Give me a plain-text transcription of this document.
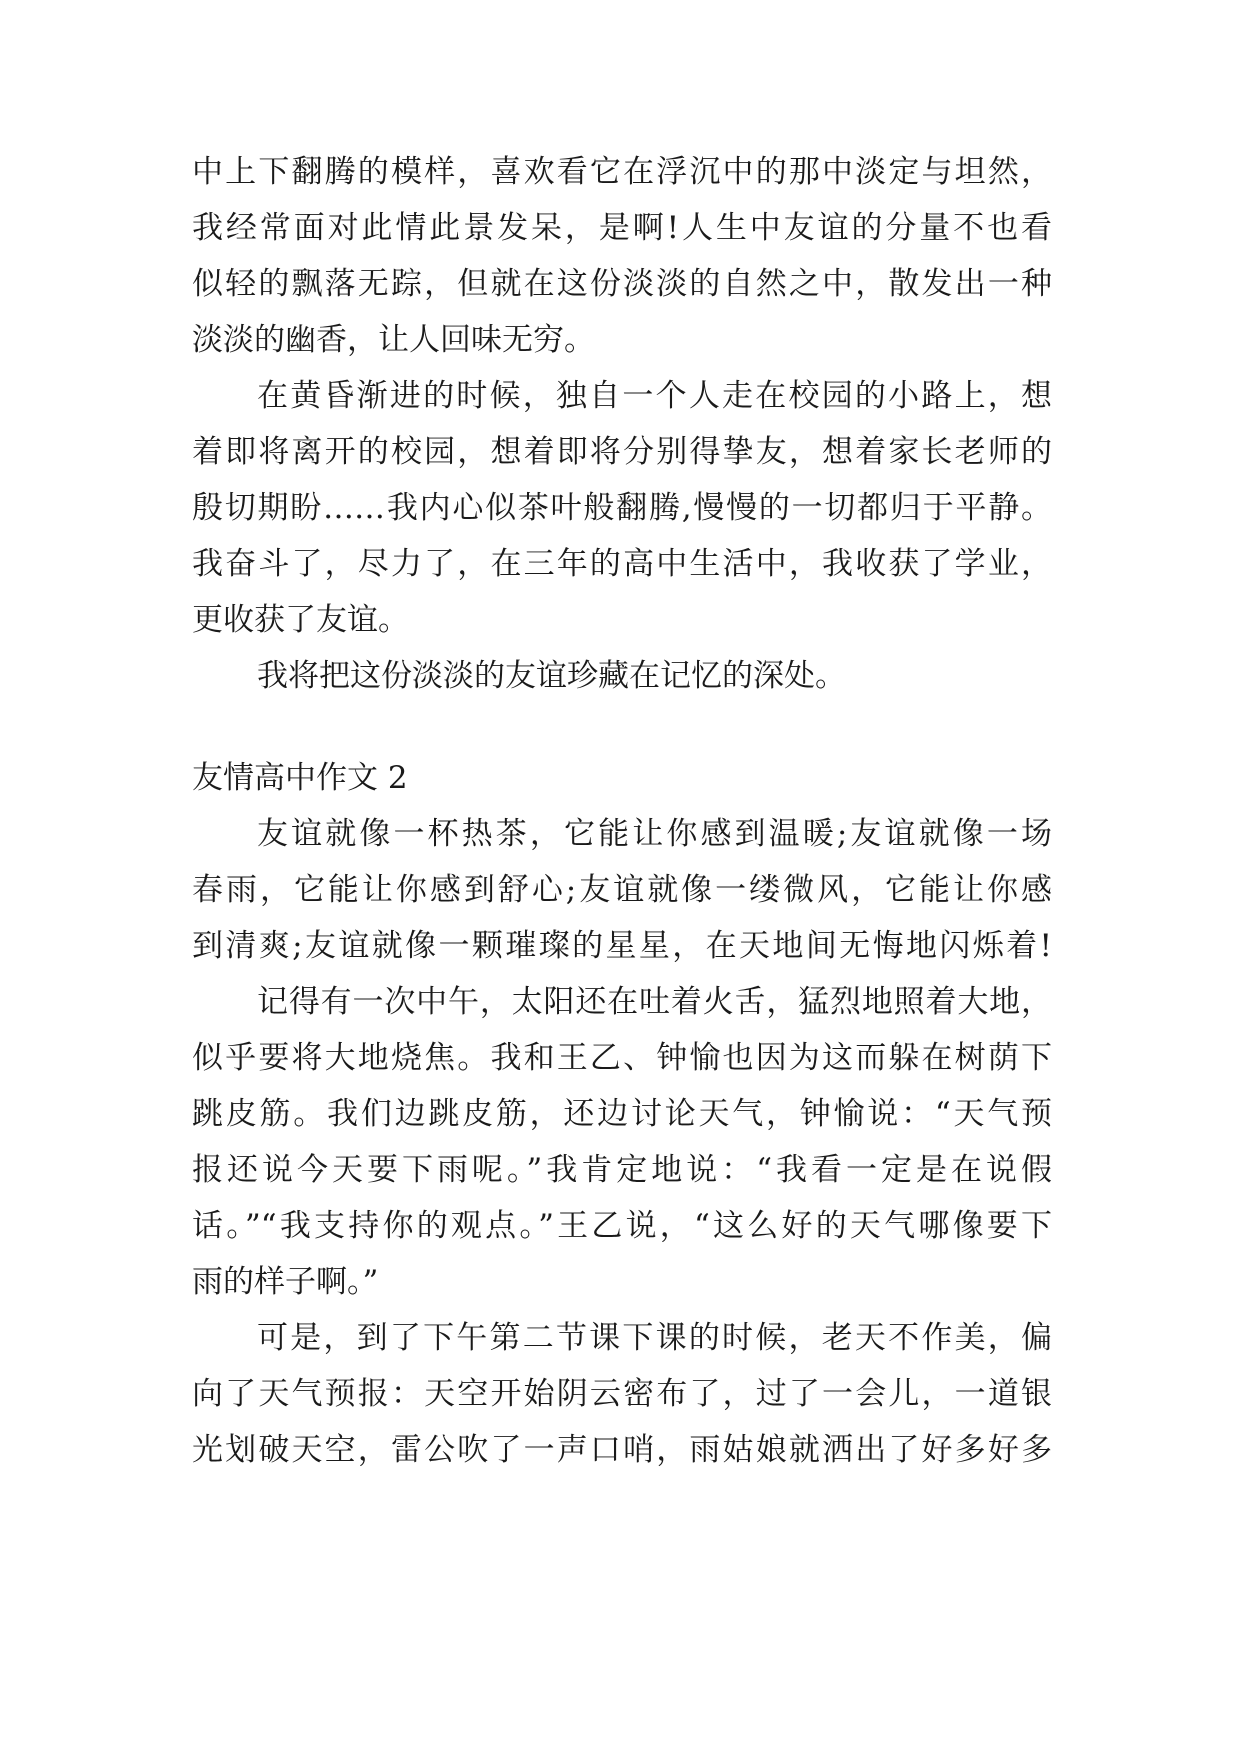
中上下翻腾的模样，喜欢看它在浮沉中的那中淡定与坦然，
我经常面对此情此景发呆，是啊!人生中友谊的分量不也看
似轻的飘落无踪，但就在这份淡淡的自然之中，散发出一种
淡淡的幽香，让人回味无穷。
在黄昏渐进的时候，独自一个人走在校园的小路上，想
着即将离开的校园，想着即将分别得挚友，想着家长老师的
殷切期盼……我内心似茶叶般翻腾,慢慢的一切都归于平静。
我奋斗了，尽力了，在三年的高中生活中，我收获了学业，
更收获了友谊。
我将把这份淡淡的友谊珍藏在记忆的深处。
友情高中作文 2
友谊就像一杯热茶，它能让你感到温暖;友谊就像一场
春雨，它能让你感到舒心;友谊就像一缕微风，它能让你感
到清爽;友谊就像一颗璀璨的星星，在天地间无悔地闪烁着!
记得有一次中午，太阳还在吐着火舌，猛烈地照着大地，
似乎要将大地烧焦。我和王乙、钟愉也因为这而躲在树荫下
跳皮筋。我们边跳皮筋，还边讨论天气，钟愉说：“天气预
报还说今天要下雨呢。”我肯定地说：“我看一定是在说假
话。”“我支持你的观点。”王乙说，“这么好的天气哪像要下
雨的样子啊。”
可是，到了下午第二节课下课的时候，老天不作美，偏
向了天气预报：天空开始阴云密布了，过了一会儿，一道银
光划破天空，雷公吹了一声口哨，雨姑娘就洒出了好多好多
